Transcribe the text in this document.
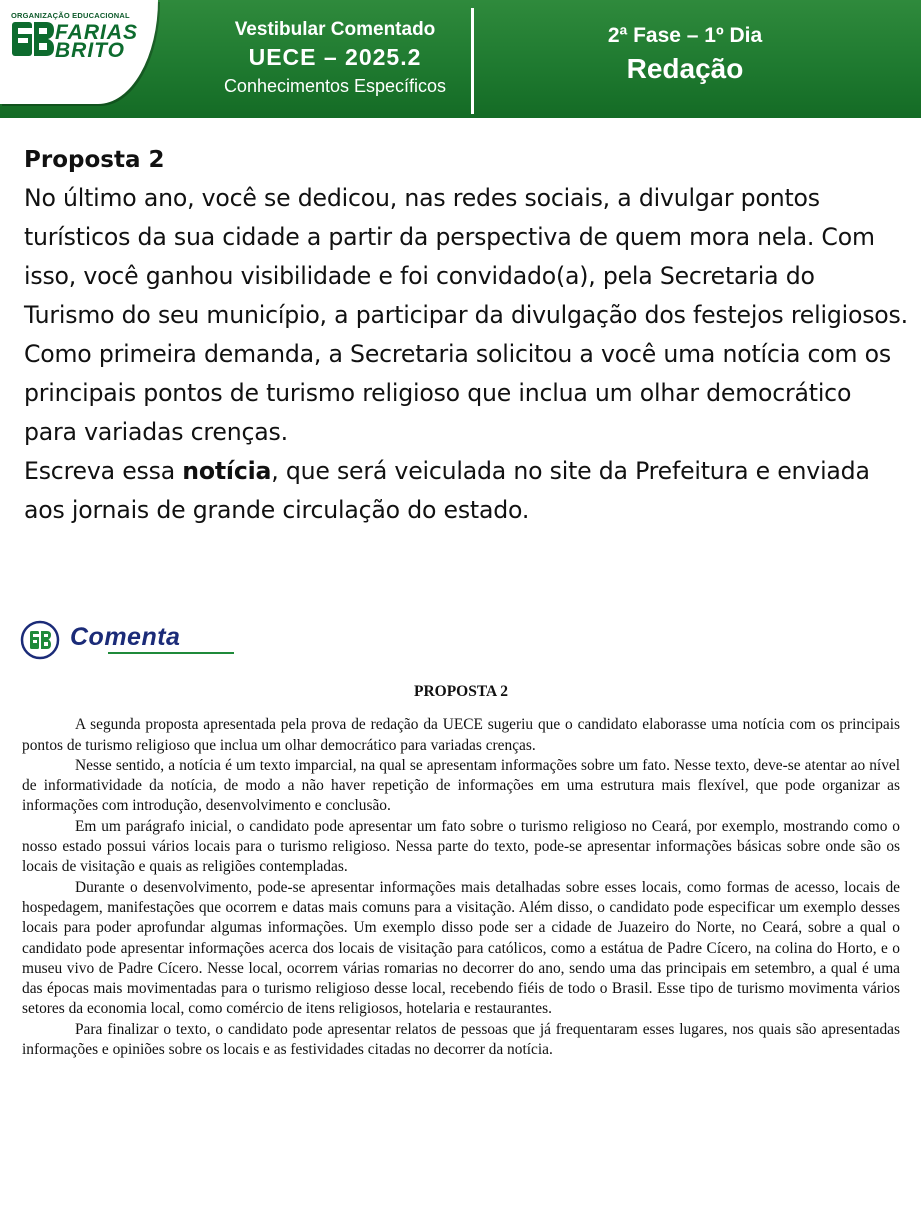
ORGANIZAÇÃO EDUCACIONAL
FARIAS
BRITO
Vestibular Comentado
UECE – 2025.2
Conhecimentos Específicos
2ª Fase – 1º Dia
Redação

Proposta 2

No último ano, você se dedicou, nas redes sociais, a divulgar pontos turísticos da sua cidade a partir da perspectiva de quem mora nela. Com isso, você ganhou visibilidade e foi convidado(a), pela Secretaria do Turismo do seu município, a participar da divulgação dos festejos religiosos. Como primeira demanda, a Secretaria solicitou a você uma notícia com os principais pontos de turismo religioso que inclua um olhar democrático para variadas crenças.

Escreva essa notícia, que será veiculada no site da Prefeitura e enviada aos jornais de grande circulação do estado.

Comenta

PROPOSTA 2

A segunda proposta apresentada pela prova de redação da UECE sugeriu que o candidato elaborasse uma notícia com os principais pontos de turismo religioso que inclua um olhar democrático para variadas crenças.

Nesse sentido, a notícia é um texto imparcial, na qual se apresentam informações sobre um fato. Nesse texto, deve-se atentar ao nível de informatividade da notícia, de modo a não haver repetição de informações em uma estrutura mais flexível, que pode organizar as informações com introdução, desenvolvimento e conclusão.

Em um parágrafo inicial, o candidato pode apresentar um fato sobre o turismo religioso no Ceará, por exemplo, mostrando como o nosso estado possui vários locais para o turismo religioso. Nessa parte do texto, pode-se apresentar informações básicas sobre onde são os locais de visitação e quais as religiões contempladas.

Durante o desenvolvimento, pode-se apresentar informações mais detalhadas sobre esses locais, como formas de acesso, locais de hospedagem, manifestações que ocorrem e datas mais comuns para a visitação. Além disso, o candidato pode especificar um exemplo desses locais para poder aprofundar algumas informações. Um exemplo disso pode ser a cidade de Juazeiro do Norte, no Ceará, sobre a qual o candidato pode apresentar informações acerca dos locais de visitação para católicos, como a estátua de Padre Cícero, na colina do Horto, e o museu vivo de Padre Cícero. Nesse local, ocorrem várias romarias no decorrer do ano, sendo uma das principais em setembro, a qual é uma das épocas mais movimentadas para o turismo religioso desse local, recebendo fiéis de todo o Brasil. Esse tipo de turismo movimenta vários setores da economia local, como comércio de itens religiosos, hotelaria e restaurantes.

Para finalizar o texto, o candidato pode apresentar relatos de pessoas que já frequentaram esses lugares, nos quais são apresentadas informações e opiniões sobre os locais e as festividades citadas no decorrer da notícia.
